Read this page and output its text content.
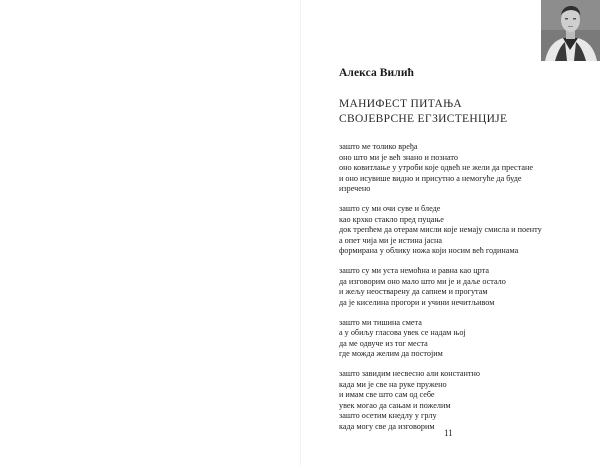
Алекса Вилић
МАНИФЕСТ ПИТАЊА
СВОЈЕВРСНЕ ЕГЗИСТЕНЦИЈЕ
зашто ме толико вређа
оно што ми је већ знано и познато
оно ковитлање у утроби које одвећ не жели да престане
и оно исувише видно и присутно а немогуће да буде
изречено
зашто су ми очи суве и бледе
као крхко стакло пред пуцање
док трепћем да отерам мисли које немају смисла и поенту
а опет чија ми је истина јасна
формирана у облику ножа који носим већ годинама
зашто су ми уста немоћна и равна као црта
да изговорим оно мало што ми је и даље остало
и жељу неостварену да сапнем и прогутам
да је киселина прогори и учини нечитљивом
зашто ми тишина смета
а у обиљу гласова увек се надам њој
да ме одвуче из тог места
где можда желим да постојим
зашто завидим несвесно али константно
када ми је све на руке пружено
и имам све што сам од себе
увек могао да сањам и пожелим
зашто осетим кнедлу у грлу
када могу све да изговорим
11
